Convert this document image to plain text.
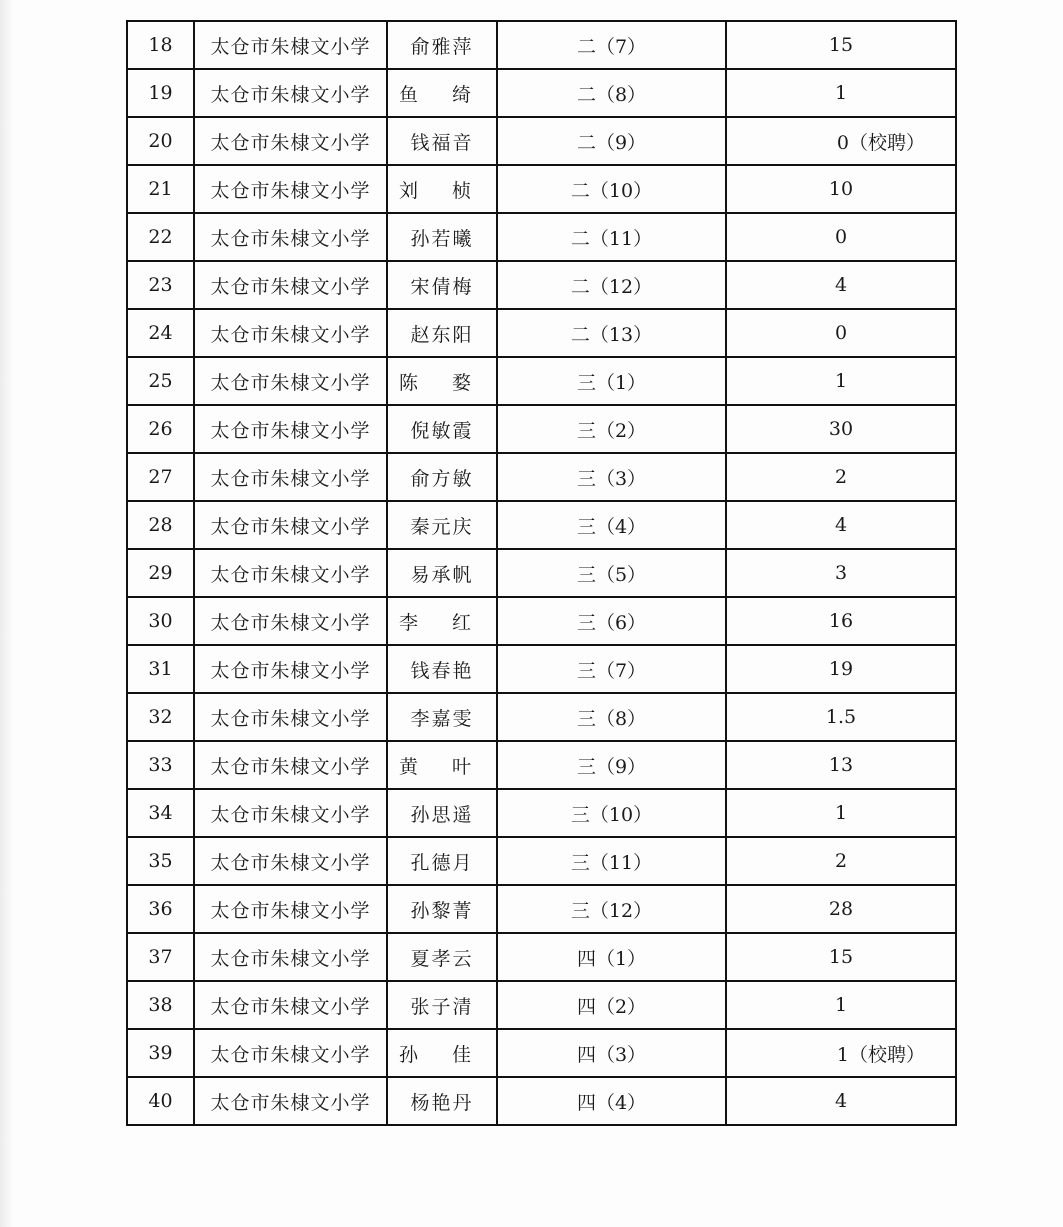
18	太仓市朱棣文小学	俞雅萍	二（7）	15
19	太仓市朱棣文小学	鱼 绮	二（8）	1
20	太仓市朱棣文小学	钱福音	二（9）	0（校聘）
21	太仓市朱棣文小学	刘 桢	二（10）	10
22	太仓市朱棣文小学	孙若曦	二（11）	0
23	太仓市朱棣文小学	宋倩梅	二（12）	4
24	太仓市朱棣文小学	赵东阳	二（13）	0
25	太仓市朱棣文小学	陈 婺	三（1）	1
26	太仓市朱棣文小学	倪敏霞	三（2）	30
27	太仓市朱棣文小学	俞方敏	三（3）	2
28	太仓市朱棣文小学	秦元庆	三（4）	4
29	太仓市朱棣文小学	易承帆	三（5）	3
30	太仓市朱棣文小学	李 红	三（6）	16
31	太仓市朱棣文小学	钱春艳	三（7）	19
32	太仓市朱棣文小学	李嘉雯	三（8）	1.5
33	太仓市朱棣文小学	黄 叶	三（9）	13
34	太仓市朱棣文小学	孙思遥	三（10）	1
35	太仓市朱棣文小学	孔德月	三（11）	2
36	太仓市朱棣文小学	孙黎菁	三（12）	28
37	太仓市朱棣文小学	夏孝云	四（1）	15
38	太仓市朱棣文小学	张子清	四（2）	1
39	太仓市朱棣文小学	孙 佳	四（3）	1（校聘）
40	太仓市朱棣文小学	杨艳丹	四（4）	4
